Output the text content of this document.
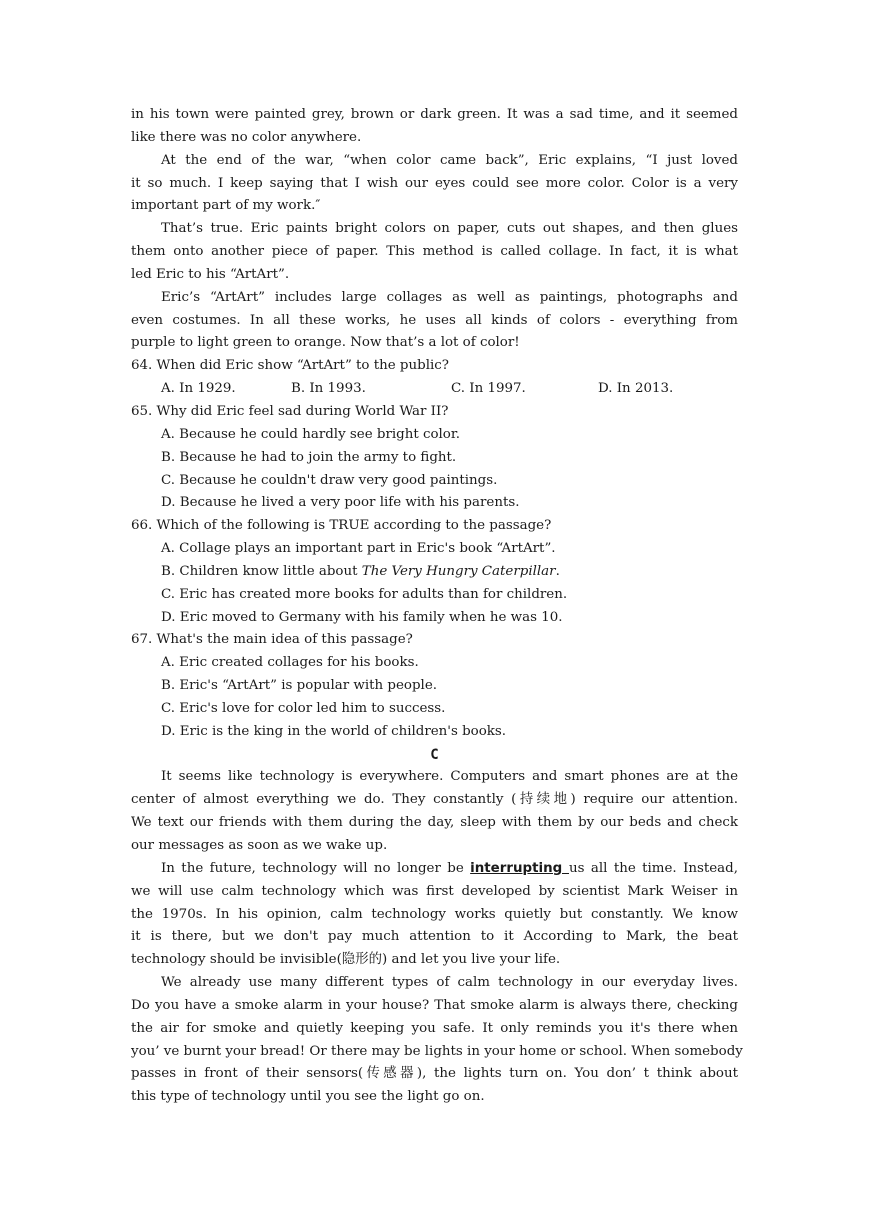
in his town were painted grey, brown or dark green. It was a sad time, and it seemed
like there was no color anywhere.
At the end of the war, “when color came back”, Eric explains, “I just loved
it so much. I keep saying that I wish our eyes could see more color. Color is a very
important part of my work.″
That’s true. Eric paints bright colors on paper, cuts out shapes, and then glues
them onto another piece of paper. This method is called collage. In fact, it is what
led Eric to his “ArtArt”.
Eric’s “ArtArt” includes large collages as well as paintings, photographs and
even costumes. In all these works, he uses all kinds of colors - everything from
purple to light green to orange. Now that’s a lot of color!
64. When did Eric show “ArtArt” to the public?
A. In 1929.	B. In 1993.	C. In 1997.	D. In 2013.
65. Why did Eric feel sad during World War II?
A. Because he could hardly see bright color.
B. Because he had to join the army to fight.
C. Because he couldn't draw very good paintings.
D. Because he lived a very poor life with his parents.
66. Which of the following is TRUE according to the passage?
A. Collage plays an important part in Eric's book “ArtArt”.
B. Children know little about The Very Hungry Caterpillar.
C. Eric has created more books for adults than for children.
D. Eric moved to Germany with his family when he was 10.
67. What's the main idea of this passage?
A. Eric created collages for his books.
B. Eric's “ArtArt” is popular with people.
C. Eric's love for color led him to success.
D. Eric is the king in the world of children's books.
C
It seems like technology is everywhere. Computers and smart phones are at the
center of almost everything we do. They constantly (持续地) require our attention.
We text our friends with them during the day, sleep with them by our beds and check
our messages as soon as we wake up.
In the future, technology will no longer be interrupting us all the time. Instead,
we will use calm technology which was first developed by scientist Mark Weiser in
the 1970s. In his opinion, calm technology works quietly but constantly. We know
it is there, but we don't pay much attention to it According to Mark, the beat
technology should be invisible(隐形的) and let you live your life.
We already use many different types of calm technology in our everyday lives.
Do you have a smoke alarm in your house? That smoke alarm is always there, checking
the air for smoke and quietly keeping you safe. It only reminds you it's there when
you’ ve burnt your bread! Or there may be lights in your home or school. When somebody
passes in front of their sensors(传感器), the lights turn on. You don’ t think about
this type of technology until you see the light go on.
